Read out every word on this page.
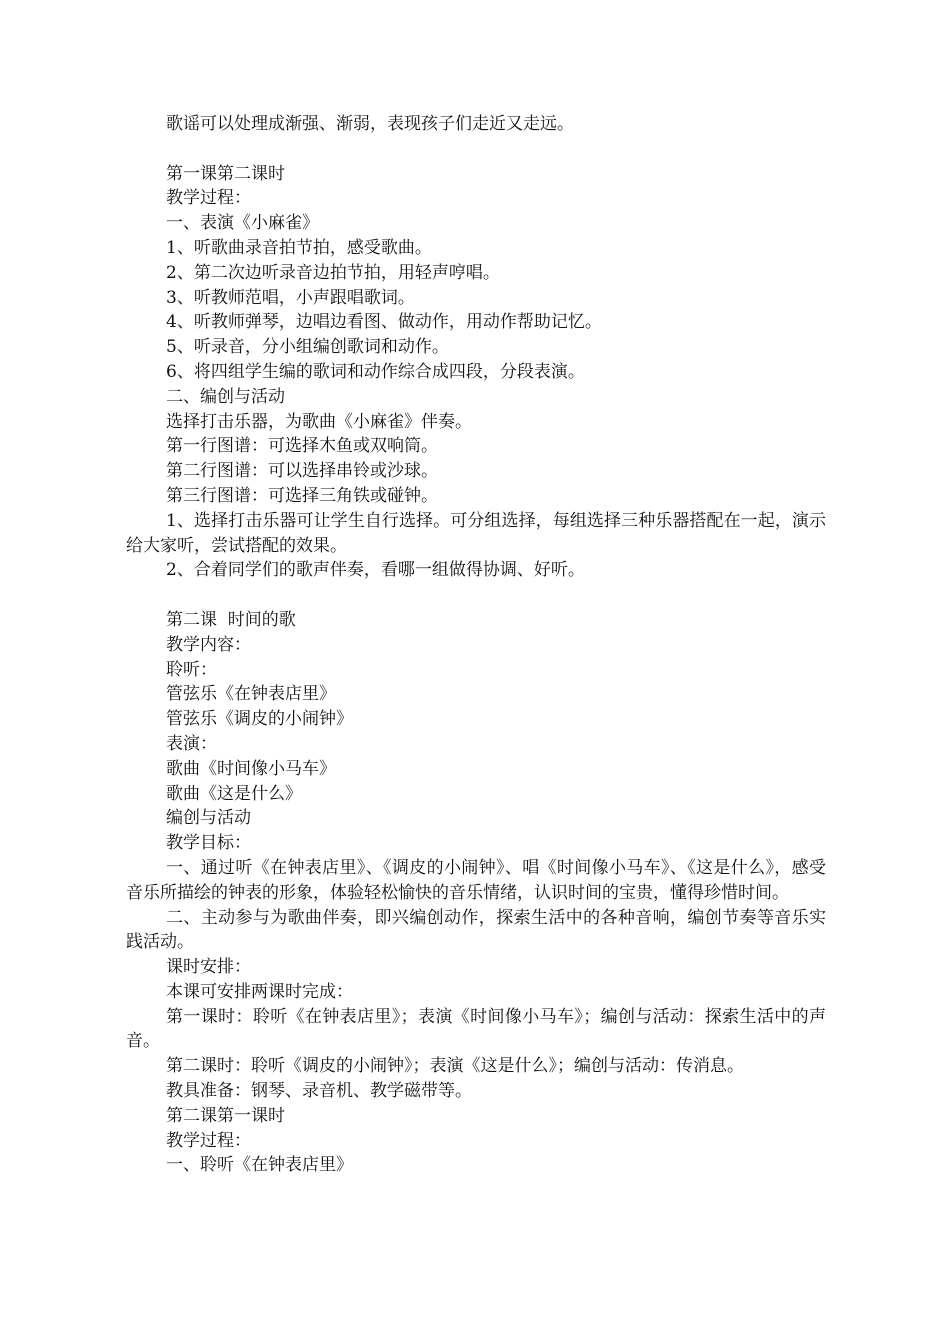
歌谣可以处理成渐强、渐弱，表现孩子们走近又走远。
第一课第二课时
教学过程：
一、表演《小麻雀》
1、听歌曲录音拍节拍，感受歌曲。
2、第二次边听录音边拍节拍，用轻声哼唱。
3、听教师范唱，小声跟唱歌词。
4、听教师弹琴，边唱边看图、做动作，用动作帮助记忆。
5、听录音，分小组编创歌词和动作。
6、将四组学生编的歌词和动作综合成四段，分段表演。
二、编创与活动
选择打击乐器，为歌曲《小麻雀》伴奏。
第一行图谱：可选择木鱼或双响筒。
第二行图谱：可以选择串铃或沙球。
第三行图谱：可选择三角铁或碰钟。
1、选择打击乐器可让学生自行选择。可分组选择，每组选择三种乐器搭配在一起，演示给大家听，尝试搭配的效果。
2、合着同学们的歌声伴奏，看哪一组做得协调、好听。
第二课  时间的歌
教学内容：
聆听：
管弦乐《在钟表店里》
管弦乐《调皮的小闹钟》
表演：
歌曲《时间像小马车》
歌曲《这是什么》
编创与活动
教学目标：
一、通过听《在钟表店里》、《调皮的小闹钟》、唱《时间像小马车》、《这是什么》，感受音乐所描绘的钟表的形象，体验轻松愉快的音乐情绪，认识时间的宝贵，懂得珍惜时间。
二、主动参与为歌曲伴奏，即兴编创动作，探索生活中的各种音响，编创节奏等音乐实践活动。
课时安排：
本课可安排两课时完成：
第一课时：聆听《在钟表店里》；表演《时间像小马车》；编创与活动：探索生活中的声音。
第二课时：聆听《调皮的小闹钟》；表演《这是什么》；编创与活动：传消息。
教具准备：钢琴、录音机、教学磁带等。
第二课第一课时
教学过程：
一、聆听《在钟表店里》
